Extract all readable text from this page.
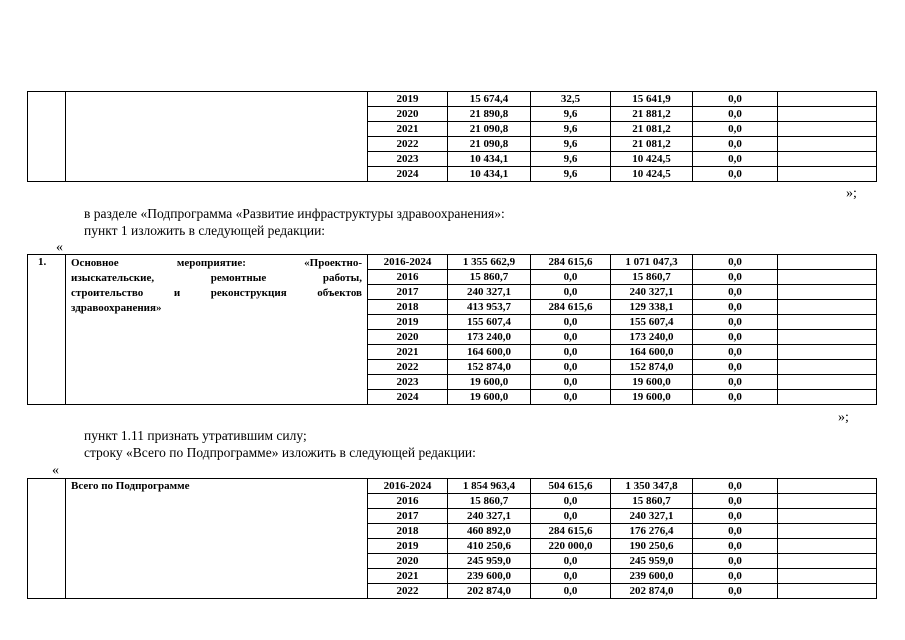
		2019	15 674,4	32,5	15 641,9	0,0	
		2020	21 890,8	9,6	21 881,2	0,0	
		2021	21 090,8	9,6	21 081,2	0,0	
		2022	21 090,8	9,6	21 081,2	0,0	
		2023	10 434,1	9,6	10 424,5	0,0	
		2024	10 434,1	9,6	10 424,5	0,0	
»;
в разделе «Подпрограмма «Развитие инфраструктуры здравоохранения»:
пункт 1 изложить в следующей редакции:
«
1.	Основное мероприятие: «Проектно-
изыскательские, ремонтные работы,
строительство и реконструкция объектов
здравоохранения»	2016-2024	1 355 662,9	284 615,6	1 071 047,3	0,0	
		2016	15 860,7	0,0	15 860,7	0,0	
		2017	240 327,1	0,0	240 327,1	0,0	
		2018	413 953,7	284 615,6	129 338,1	0,0	
		2019	155 607,4	0,0	155 607,4	0,0	
		2020	173 240,0	0,0	173 240,0	0,0	
		2021	164 600,0	0,0	164 600,0	0,0	
		2022	152 874,0	0,0	152 874,0	0,0	
		2023	19 600,0	0,0	19 600,0	0,0	
		2024	19 600,0	0,0	19 600,0	0,0	
»;
пункт 1.11 признать утратившим силу;
строку «Всего по Подпрограмме» изложить в следующей редакции:
«
	Всего по Подпрограмме	2016-2024	1 854 963,4	504 615,6	1 350 347,8	0,0	
		2016	15 860,7	0,0	15 860,7	0,0	
		2017	240 327,1	0,0	240 327,1	0,0	
		2018	460 892,0	284 615,6	176 276,4	0,0	
		2019	410 250,6	220 000,0	190 250,6	0,0	
		2020	245 959,0	0,0	245 959,0	0,0	
		2021	239 600,0	0,0	239 600,0	0,0	
		2022	202 874,0	0,0	202 874,0	0,0	
